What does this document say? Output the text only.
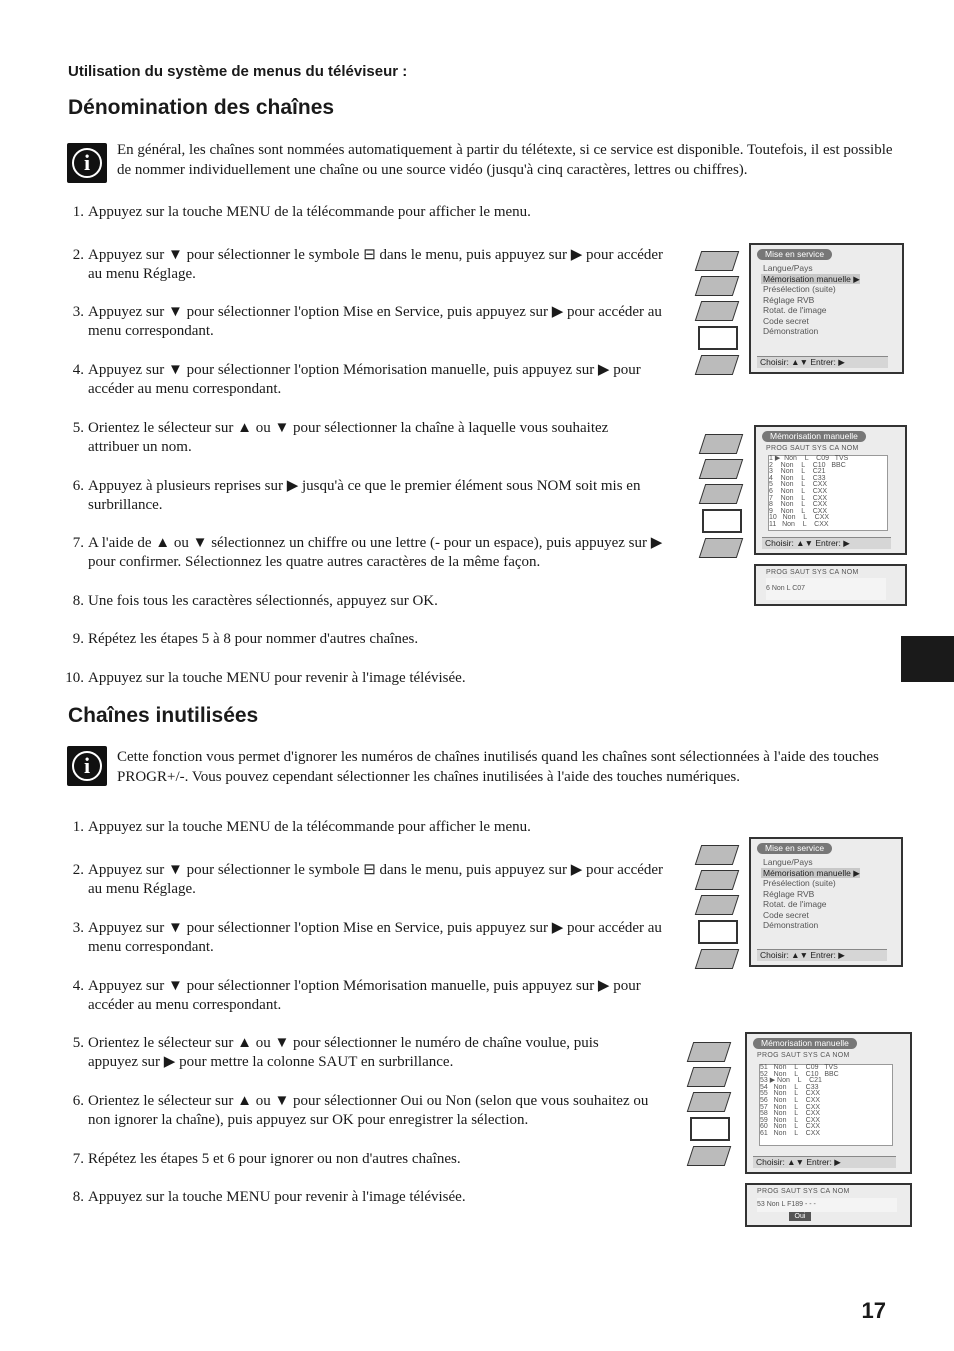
Utilisation du système de menus du téléviseur :
Dénomination des chaînes
i	En général, les chaînes sont nommées automatiquement à partir du télétexte, si ce service est disponible. Toutefois, il est possible de nommer individuellement une chaîne ou une source vidéo (jusqu'à cinq caractères, lettres ou chiffres).
1. Appuyez sur la touche MENU de la télécommande pour afficher le menu.
2. Appuyez sur ▼ pour sélectionner le symbole ⊟ dans le menu, puis appuyez sur ▶ pour accéder au menu Réglage.
3. Appuyez sur ▼ pour sélectionner l'option Mise en Service, puis appuyez sur ▶ pour accéder au menu correspondant.
4. Appuyez sur ▼ pour sélectionner l'option Mémorisation manuelle, puis appuyez sur ▶ pour accéder au menu correspondant.
5. Orientez le sélecteur sur ▲ ou ▼ pour sélectionner la chaîne à laquelle vous souhaitez attribuer un nom.
6. Appuyez à plusieurs reprises sur ▶ jusqu'à ce que le premier élément sous NOM soit mis en surbrillance.
7. A l'aide de ▲ ou ▼ sélectionnez un chiffre ou une lettre (- pour un espace), puis appuyez sur ▶ pour confirmer. Sélectionnez les quatre autres caractères de la même façon.
8. Une fois tous les caractères sélectionnés, appuyez sur OK.
9. Répétez les étapes 5 à 8 pour nommer d'autres chaînes.
10. Appuyez sur la touche MENU pour revenir à l'image télévisée.
Mise en service
Langue/Pays
Mémorisation manuelle ▶
Présélection (suite)
Réglage RVB
Rotat. de l'image
Code secret
Démonstration
Choisir: ▲▼ Entrer: ▶
Mémorisation manuelle
PROG SAUT SYS CA NOM
1 ▶  Non    L    C09   TVS
2    Non    L    C10   BBC
3    Non    L    C21
4    Non    L    C33
5    Non    L    CXX
6    Non    L    CXX
7    Non    L    CXX
8    Non    L    CXX
9    Non    L    CXX
10   Non    L    CXX
11   Non    L    CXX
Choisir: ▲▼ Entrer: ▶
PROG SAUT SYS CA NOM
6 Non L C07
Chaînes inutilisées
i	Cette fonction vous permet d'ignorer les numéros de chaînes inutilisés quand les chaînes sont sélectionnées à l'aide des touches PROGR+/-. Vous pouvez cependant sélectionner les chaînes inutilisées à l'aide des touches numériques.
1. Appuyez sur la touche MENU de la télécommande pour afficher le menu.
2. Appuyez sur ▼ pour sélectionner le symbole ⊟ dans le menu, puis appuyez sur ▶ pour accéder au menu Réglage.
3. Appuyez sur ▼ pour sélectionner l'option Mise en Service, puis appuyez sur ▶ pour accéder au menu correspondant.
4. Appuyez sur ▼ pour sélectionner l'option Mémorisation manuelle, puis appuyez sur ▶ pour accéder au menu correspondant.
5. Orientez le sélecteur sur ▲ ou ▼ pour sélectionner le numéro de chaîne voulue, puis appuyez sur ▶ pour mettre la colonne SAUT en surbrillance.
6. Orientez le sélecteur sur ▲ ou ▼ pour sélectionner Oui ou Non (selon que vous souhaitez ou non ignorer la chaîne), puis appuyez sur OK pour enregistrer la sélection.
7. Répétez les étapes 5 et 6 pour ignorer ou non d'autres chaînes.
8. Appuyez sur la touche MENU pour revenir à l'image télévisée.
Mise en service
Langue/Pays
Mémorisation manuelle ▶
Présélection (suite)
Réglage RVB
Rotat. de l'image
Code secret
Démonstration
Choisir: ▲▼ Entrer: ▶
Mémorisation manuelle
PROG SAUT SYS CA NOM
51   Non    L    C09   TVS
52   Non    L    C10   BBC
53 ▶ Non    L    C21
54   Non    L    C33
55   Non    L    CXX
56   Non    L    CXX
57   Non    L    CXX
58   Non    L    CXX
59   Non    L    CXX
60   Non    L    CXX
61   Non    L    CXX
Choisir: ▲▼ Entrer: ▶
PROG SAUT SYS CA NOM
53 Non L F189 - - -
Oui
17
